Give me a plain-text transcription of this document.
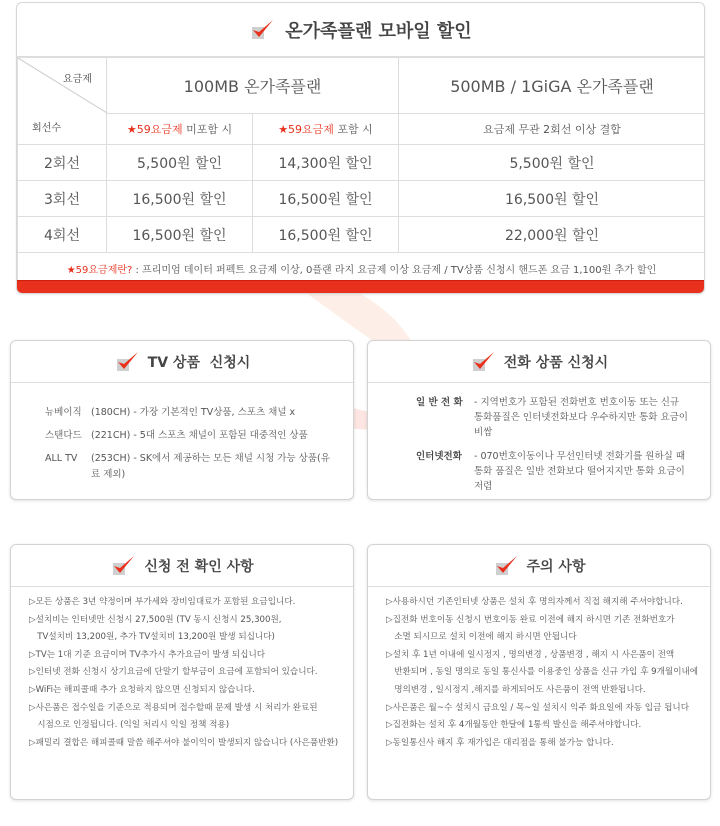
온가족플랜 모바일 할인
요금제
회선수	100MB 온가족플랜		500MB / 1GiGA 온가족플랜
	★59요금제 미포함 시	★59요금제 포함 시	요금제 무관 2회선 이상 결합
2회선	5,500원 할인	14,300원 할인	5,500원 할인
3회선	16,500원 할인	16,500원 할인	16,500원 할인
4회선	16,500원 할인	16,500원 할인	22,000원 할인
★59요금제란? : 프리미엄 데이터 퍼펙트 요금제 이상, 0플랜 라지 요금제 이상 요금제 / TV상품 신청시 핸드폰 요금 1,100원 추가 할인			
TV 상품  신청시
뉴베이직 (180CH) - 가장 기본적인 TV상품, 스포츠 채널 x
스탠다드 (221CH) - 5대 스포츠 채널이 포함된 대중적인 상품
ALL TV	(253CH) - SK에서 제공하는 모든 채널 시청 가능 상품(유료 제외)
전화 상품 신청시
일 반 전 화	- 지역번호가 포함된 전화번호 번호이동 또는 신규
통화품질은 인터넷전화보다 우수하지만 통화 요금이 비쌈
인터넷전화	- 070번호이동이나 무선인터넷 전화기를 원하실 때
통화 품질은 일반 전화보다 떨어지지만 통화 요금이 저렴
신청 전 확인 사항
▷모든 상품은 3년 약정이며 부가세와 장비임대료가 포함된 요금입니다.
▷설치비는 인터넷만 신청시 27,500원 (TV 동시 신청시 25,300원,
TV설치비 13,200원, 추가 TV설치비 13,200원 발생 되십니다)
▷TV는 1대 기준 요금이며 TV추가시 추가요금이 발생 되십니다
▷인터넷 전화 신청시 상기요금에 단말기 할부금이 요금에 포함되어 있습니다.
▷WiFi는 해피콜때 추가 요청하지 않으면 신청되지 않습니다.
▷사은품은 접수일을 기준으로 적용되며 접수할때 문제 발생 시 처리가 완료된
시점으로 인정됩니다. (익일 처리시 익일 정책 적용)
▷패밀리 결합은 해피콜때 말씀 해주셔야 불이익이 발생되지 않습니다 (사은품반환)
주의 사항
▷사용하시던 기존인터넷 상품은 설치 후 명의자께서 직접 해지해 주셔야합니다.
▷집전화 번호이동 신청시 번호이동 완료 이전에 해지 하시면 기존 전화번호가
소멸 되시므로 설치 이전에 해지 하시면 안됩니다
▷설치 후 1년 이내에 일시정지 , 명의변경 , 상품변경 , 해지 시 사은품이 전액
반환되며 , 동일 명의로 동일 통신사를 이용중인 상품을 신규 가입 후 9개월이내에
명의변경 , 일시정지 ,해지를 하게되어도 사은품이 전액 반환됩니다.
▷사은품은 월~수 설치시 금요일 / 목~일 설치시 익주 화요일에 자동 입금 됩니다
▷집전화는 설치 후 4개월동안 한달에 1통씩 발신을 해주셔야합니다.
▷동일통신사 해지 후 재가입은 대리점을 통해 불가능 합니다.
